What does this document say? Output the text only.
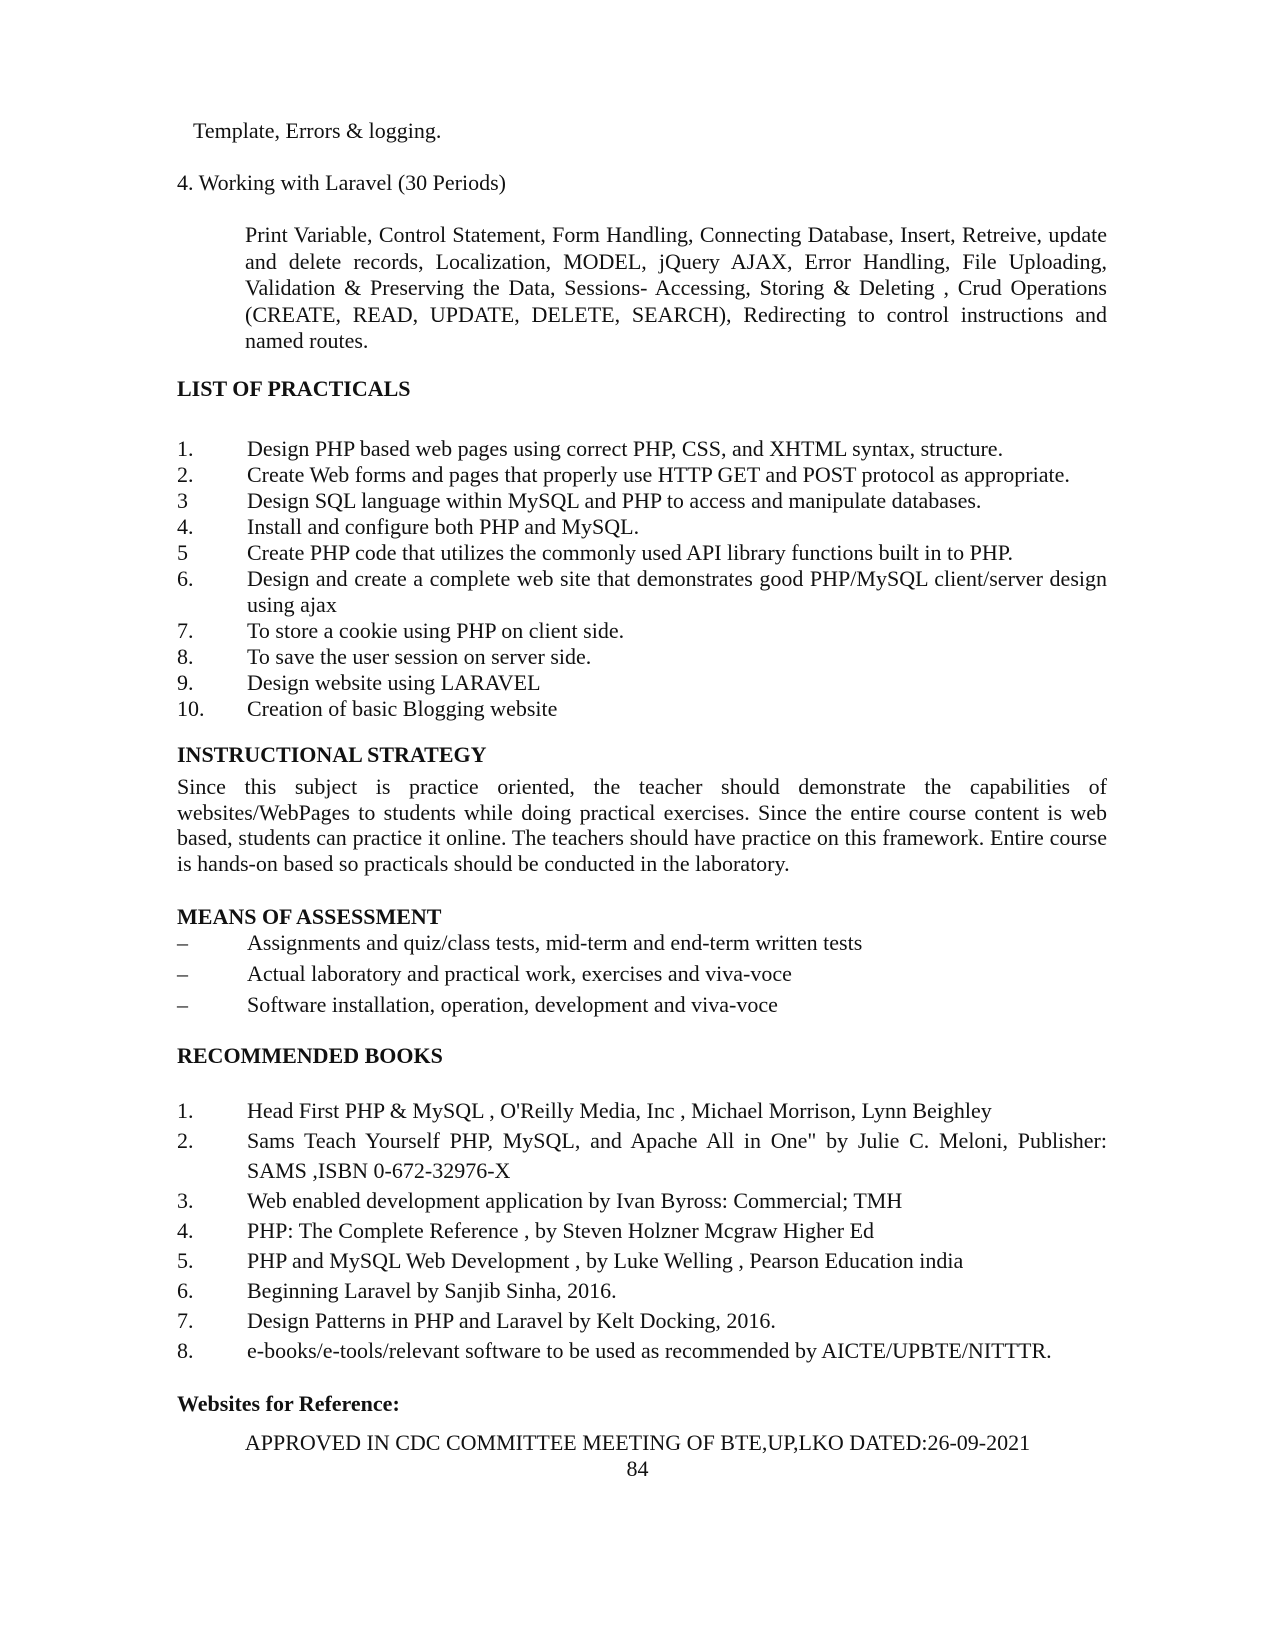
Template, Errors & logging.
4. Working with Laravel (30 Periods)
Print Variable, Control Statement, Form Handling, Connecting Database, Insert, Retreive, update and delete records, Localization, MODEL, jQuery AJAX, Error Handling, File Uploading, Validation & Preserving the Data, Sessions- Accessing, Storing & Deleting , Crud Operations (CREATE, READ, UPDATE, DELETE, SEARCH), Redirecting to control instructions and named routes.
LIST OF PRACTICALS
1. Design PHP based web pages using correct PHP, CSS, and XHTML syntax, structure.
2. Create Web forms and pages that properly use HTTP GET and POST protocol as appropriate.
3	Design SQL language within MySQL and PHP to access and manipulate databases.
4. Install and configure both PHP and MySQL.
5	Create PHP code that utilizes the commonly used API library functions built in to PHP.
6. Design and create a complete web site that demonstrates good PHP/MySQL client/server design using ajax
7. To store a cookie using PHP on client side.
8. To save the user session on server side.
9. Design website using LARAVEL
10. Creation of basic Blogging website
INSTRUCTIONAL STRATEGY
Since this subject is practice oriented, the teacher should demonstrate the capabilities of websites/WebPages to students while doing practical exercises. Since the entire course content is web based, students can practice it online. The teachers should have practice on this framework. Entire course is hands-on based so practicals should be conducted in the laboratory.
MEANS OF ASSESSMENT
–	Assignments and quiz/class tests, mid-term and end-term written tests
–	Actual laboratory and practical work, exercises and viva-voce
–	Software installation, operation, development and viva-voce
RECOMMENDED BOOKS
1. Head First PHP & MySQL , O'Reilly Media, Inc , Michael Morrison, Lynn Beighley
2. Sams Teach Yourself PHP, MySQL, and Apache All in One" by Julie C. Meloni, Publisher: SAMS ,ISBN 0-672-32976-X
3. Web enabled development application by Ivan Byross: Commercial; TMH
4. PHP: The Complete Reference , by Steven Holzner Mcgraw Higher Ed
5. PHP and MySQL Web Development , by Luke Welling , Pearson Education india
6. Beginning Laravel by Sanjib Sinha, 2016.
7. Design Patterns in PHP and Laravel by Kelt Docking, 2016.
8. e-books/e-tools/relevant software to be used as recommended by AICTE/UPBTE/NITTTR.
Websites for Reference:
APPROVED IN CDC COMMITTEE MEETING OF BTE,UP,LKO DATED:26-09-2021
84
